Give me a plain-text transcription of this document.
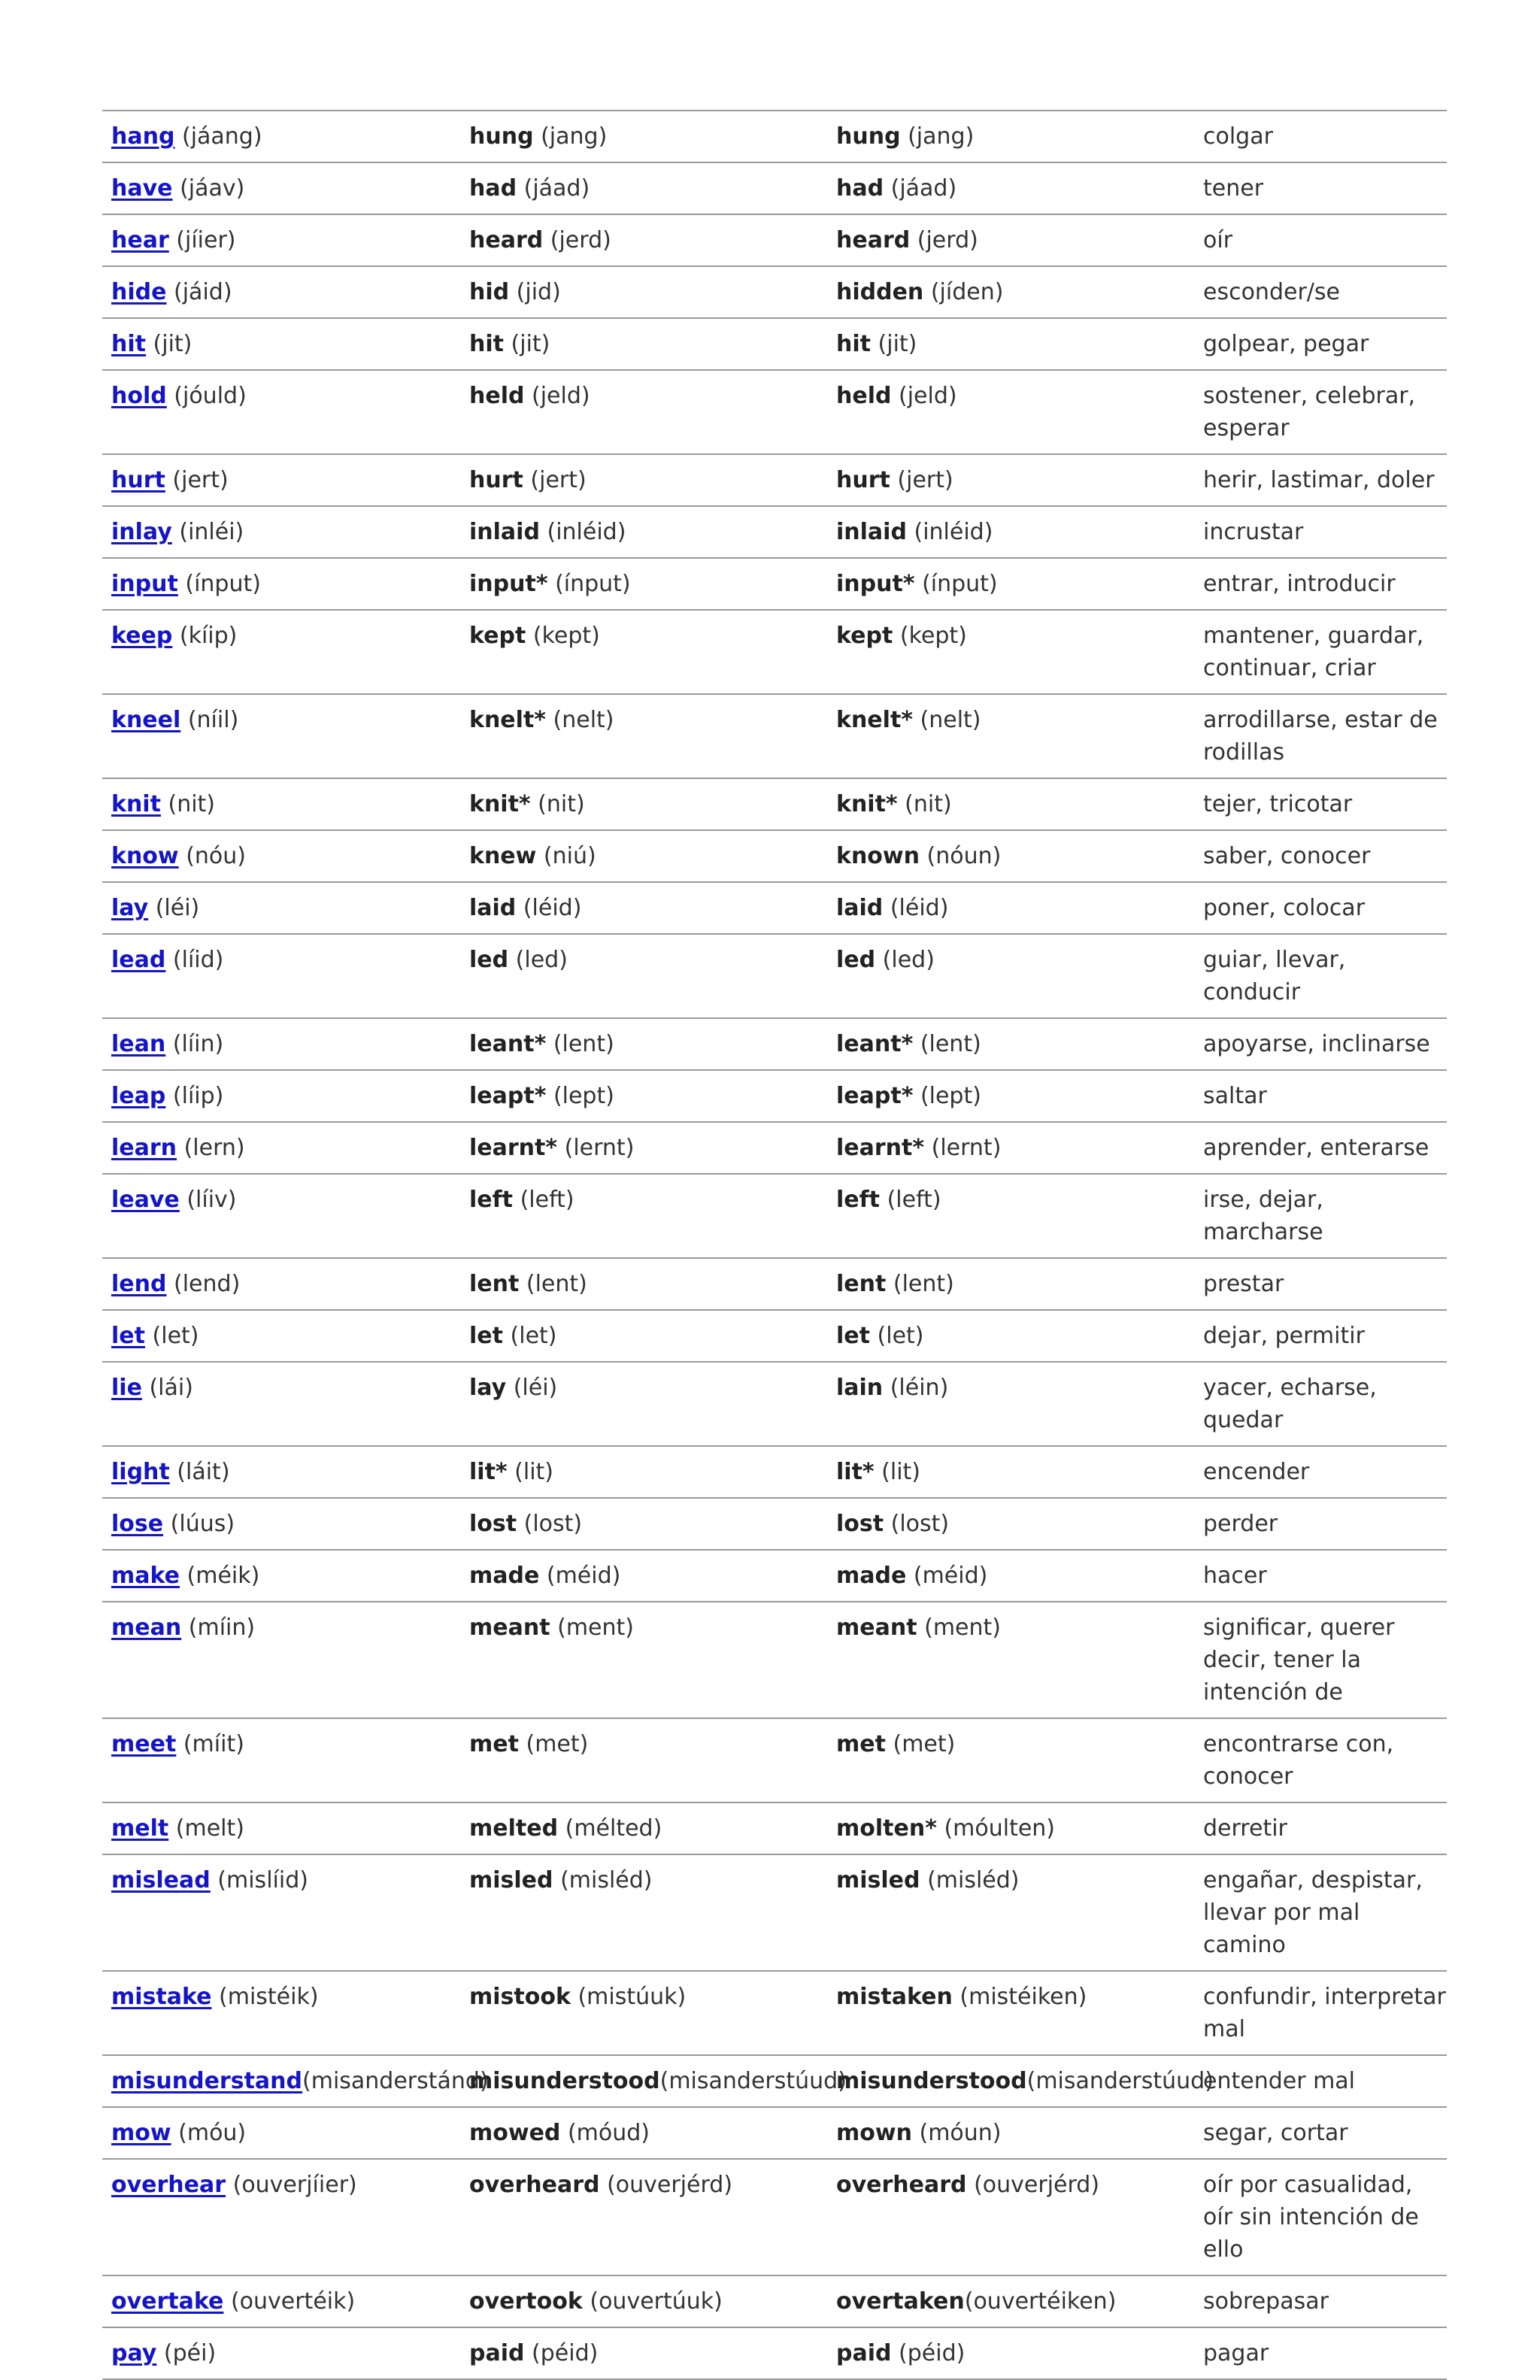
hang (jáang)	hung (jang)	hung (jang)	colgar
have (jáav)	had (jáad)	had (jáad)	tener
hear (jíier)	heard (jerd)	heard (jerd)	oír
hide (jáid)	hid (jid)	hidden (jíden)	esconder/se
hit (jit)	hit (jit)	hit (jit)	golpear, pegar
hold (jóuld)	held (jeld)	held (jeld)	sostener, celebrar, esperar
hurt (jert)	hurt (jert)	hurt (jert)	herir, lastimar, doler
inlay (inléi)	inlaid (inléid)	inlaid (inléid)	incrustar
input (ínput)	input* (ínput)	input* (ínput)	entrar, introducir
keep (kíip)	kept (kept)	kept (kept)	mantener, guardar, continuar, criar
kneel (níil)	knelt* (nelt)	knelt* (nelt)	arrodillarse, estar de rodillas
knit (nit)	knit* (nit)	knit* (nit)	tejer, tricotar
know (nóu)	knew (niú)	known (nóun)	saber, conocer
lay (léi)	laid (léid)	laid (léid)	poner, colocar
lead (líid)	led (led)	led (led)	guiar, llevar, conducir
lean (líin)	leant* (lent)	leant* (lent)	apoyarse, inclinarse
leap (líip)	leapt* (lept)	leapt* (lept)	saltar
learn (lern)	learnt* (lernt)	learnt* (lernt)	aprender, enterarse
leave (líiv)	left (left)	left (left)	irse, dejar, marcharse
lend (lend)	lent (lent)	lent (lent)	prestar
let (let)	let (let)	let (let)	dejar, permitir
lie (lái)	lay (léi)	lain (léin)	yacer, echarse, quedar
light (láit)	lit* (lit)	lit* (lit)	encender
lose (lúus)	lost (lost)	lost (lost)	perder
make (méik)	made (méid)	made (méid)	hacer
mean (míin)	meant (ment)	meant (ment)	significar, querer decir, tener la intención de
meet (míit)	met (met)	met (met)	encontrarse con, conocer
melt (melt)	melted (mélted)	molten* (móulten)	derretir
mislead (mislíid)	misled (misléd)	misled (misléd)	engañar, despistar, llevar por mal camino
mistake (mistéik)	mistook (mistúuk)	mistaken (mistéiken)	confundir, interpretar mal
misunderstand(misanderstánd)	misunderstood(misanderstúud)	misunderstood(misanderstúud)	entender mal
mow (móu)	mowed (móud)	mown (móun)	segar, cortar
overhear (ouverjíier)	overheard (ouverjérd)	overheard (ouverjérd)	oír por casualidad, oír sin intención de ello
overtake (ouvertéik)	overtook (ouvertúuk)	overtaken(ouvertéiken)	sobrepasar
pay (péi)	paid (péid)	paid (péid)	pagar
